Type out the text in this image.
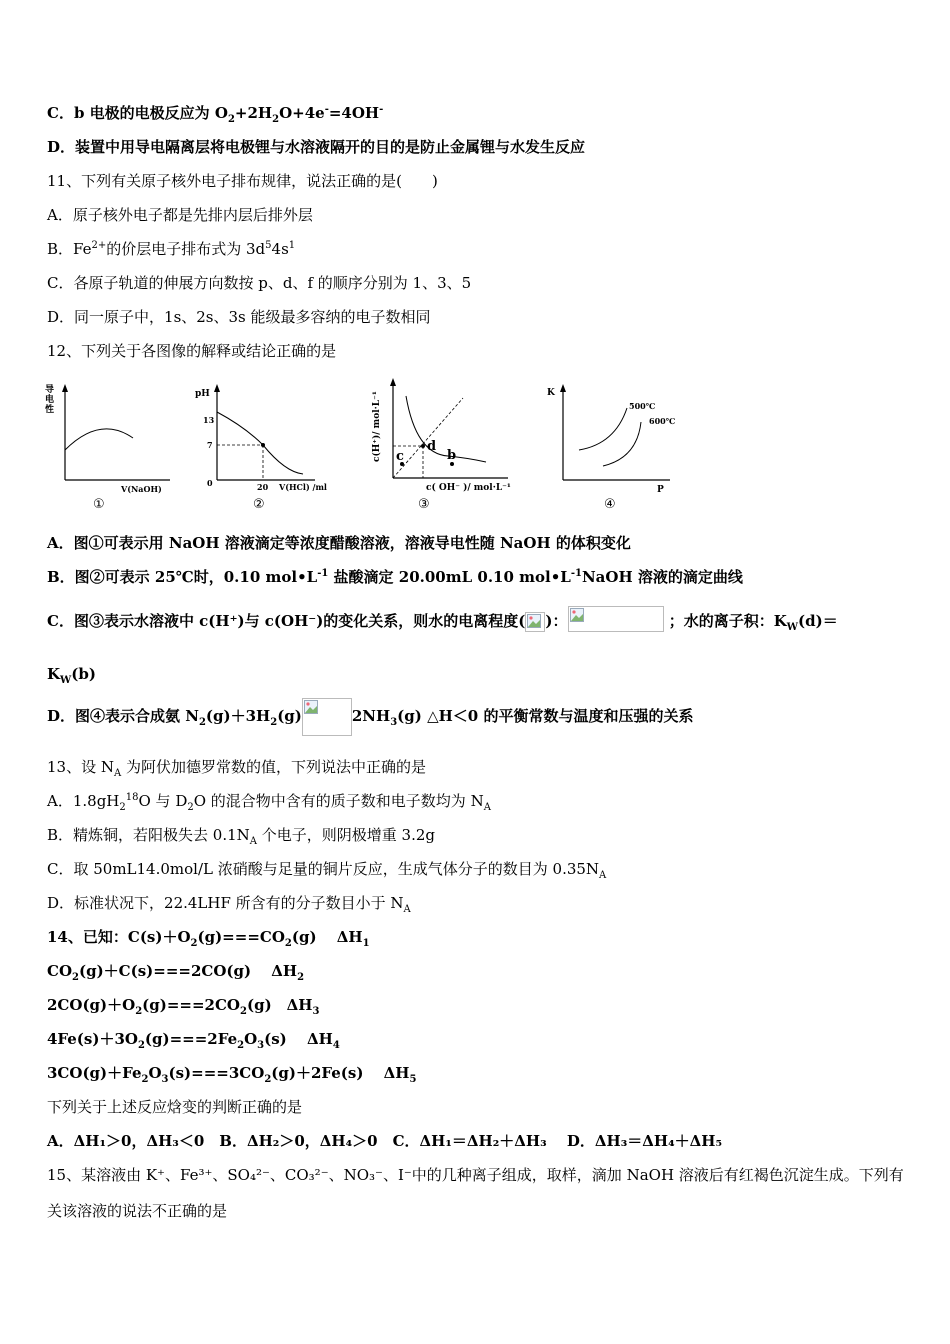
C．b 电极的电极反应为 $O_2+2H_2O+4e^-=4OH^-$
D．装置中用导电隔离层将电极锂与水溶液隔开的目的是防止金属锂与水发生反应
11、下列有关原子核外电子排布规律，说法正确的是(　　)
A．原子核外电子都是先排内层后排外层
B．$Fe^{2+}$的价层电子排布式为 $3d^54s^1$
C．各原子轨道的伸展方向数按 p、d、f 的顺序分别为 1、3、5
D．同一原子中，1s、2s、3s 能级最多容纳的电子数相同
12、下列关于各图像的解释或结论正确的是
导
电
性
V(NaOH)
①
pH
13
7
0	20 V(HCl) /ml
②
c(H⁺)/ mol·L⁻¹ c
d
b
c( OH⁻ )/ mol·L⁻¹
③
K
500℃
600℃
P
④
A．图①可表示用 NaOH 溶液滴定等浓度醋酸溶液，溶液导电性随 NaOH 的体积变化
B．图②可表示 25℃时，0.10 $mol•L^{-1}$ 盐酸滴定 20.00mL 0.10 $mol•L^{-1}NaOH$ 溶液的滴定曲线
C．图③表示水溶液中 c(H⁺)与 c(OH⁻)的变化关系，则水的电离程度( )：	；水的离子积：$K_W(d)=$
$K_W(b)$
D．图④表示合成氨 $N_2(g)+3H_2(g)$	$2NH_3(g)$ △H＜0 的平衡常数与温度和压强的关系
13、设 $N_A$ 为阿伏加德罗常数的值，下列说法中正确的是
A．$1.8gH_2^{18}O$ 与 $D_2O$ 的混合物中含有的质子数和电子数均为 $N_A$
B．精炼铜，若阳极失去 $0.1N_A$ 个电子，则阴极增重 3.2g
C．取 50mL14.0mol/L 浓硝酸与足量的铜片反应，生成气体分子的数目为 $0.35N_A$
D．标准状况下，22.4LHF 所含有的分子数目小于 $N_A$
14、已知：$C(s)+O_2(g)===CO_2(g)$　 $\Delta H_1$
$CO_2(g)+C(s)===2CO(g)$　 $\Delta H_2$
$2CO(g)+O_2(g)===2CO_2(g)$　$\Delta H_3$
$4Fe(s)+3O_2(g)===2Fe_2O_3(s)$　 $\Delta H_4$
$3CO(g)+Fe_2O_3(s)===3CO_2(g)+2Fe(s)$　 $\Delta H_5$
下列关于上述反应焓变的判断正确的是
A．ΔH₁＞0，ΔH₃＜0　B．ΔH₂＞0，ΔH₄＞0　C．ΔH₁＝ΔH₂＋ΔH₃　 D．ΔH₃＝ΔH₄＋ΔH₅
15、某溶液由 K⁺、Fe³⁺、SO₄²⁻、CO₃²⁻、NO₃⁻、I⁻中的几种离子组成，取样，滴加 NaOH 溶液后有红褐色沉淀生成。下列有
关该溶液的说法不正确的是
